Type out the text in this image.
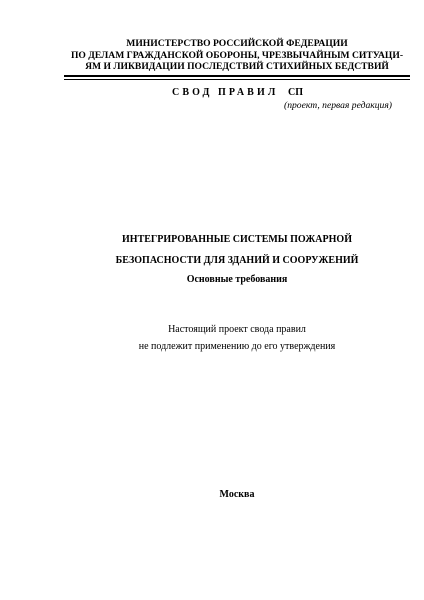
МИНИСТЕРСТВО РОССИЙСКОЙ ФЕДЕРАЦИИ
ПО ДЕЛАМ ГРАЖДАНСКОЙ ОБОРОНЫ, ЧРЕЗВЫЧАЙНЫМ СИТУАЦИ-
ЯМ И ЛИКВИДАЦИИ ПОСЛЕДСТВИЙ СТИХИЙНЫХ БЕДСТВИЙ
СВОД ПРАВИЛ СП
(проект, первая редакция)
ИНТЕГРИРОВАННЫЕ СИСТЕМЫ ПОЖАРНОЙ
БЕЗОПАСНОСТИ ДЛЯ ЗДАНИЙ И СООРУЖЕНИЙ
Основные требования
Настоящий проект свода правил
не подлежит применению до его утверждения
Москва
